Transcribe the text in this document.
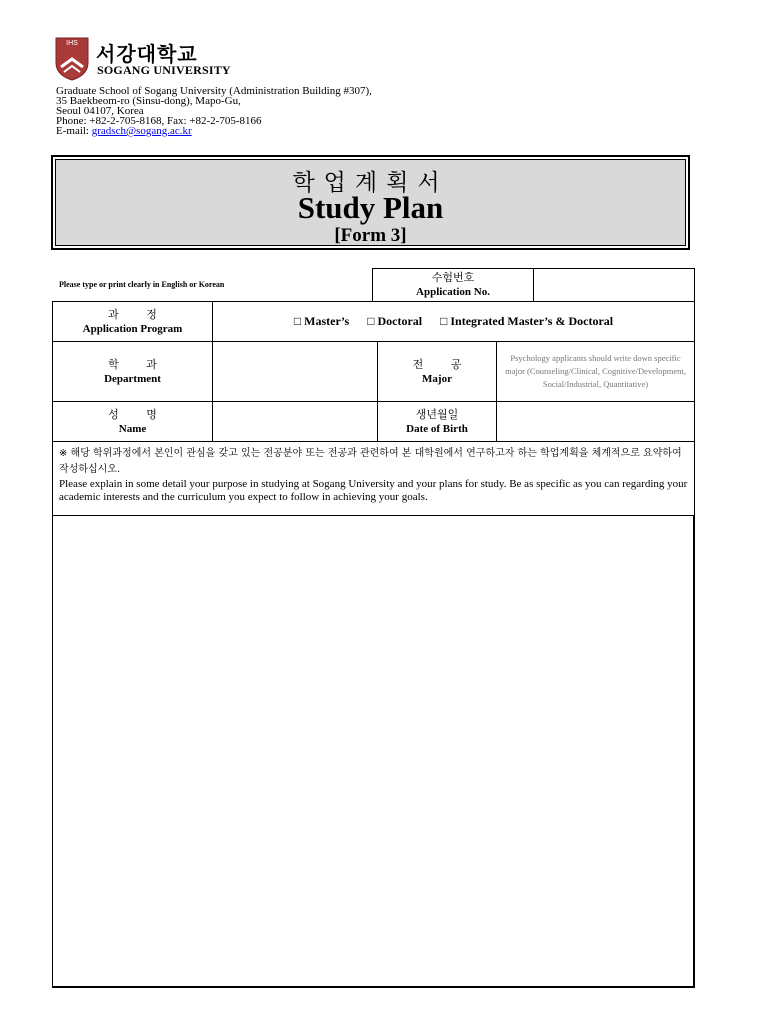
IHS 서강대학교
SOGANG UNIVERSITY
Graduate School of Sogang University (Administration Building #307),
35 Baekbeom-ro (Sinsu-dong), Mapo-Gu,
Seoul 04107, Korea
Phone: +82-2-705-8168, Fax: +82-2-705-8166
E-mail: gradsch@sogang.ac.kr
학업계획서
Study Plan
[Form 3]
Please type or print clearly in English or Korean
수험번호
Application No.
과 정
Application Program
□ Master’s □ Doctoral □ Integrated Master’s & Doctoral
학 과
Department
전 공
Major
Psychology applicants should write down specific major (Counseling/Clinical, Cognitive/Development, Social/Industrial, Quantitative)
성 명
Name
생년월일
Date of Birth
※ 해당 학위과정에서 본인이 관심을 갖고 있는 전공분야 또는 전공과 관련하여 본 대학원에서 연구하고자 하는 학업계획을 체계적으로 요약하여 작성하십시오.
Please explain in some detail your purpose in studying at Sogang University and your plans for study. Be as specific as you can regarding your academic interests and the curriculum you expect to follow in achieving your goals.
